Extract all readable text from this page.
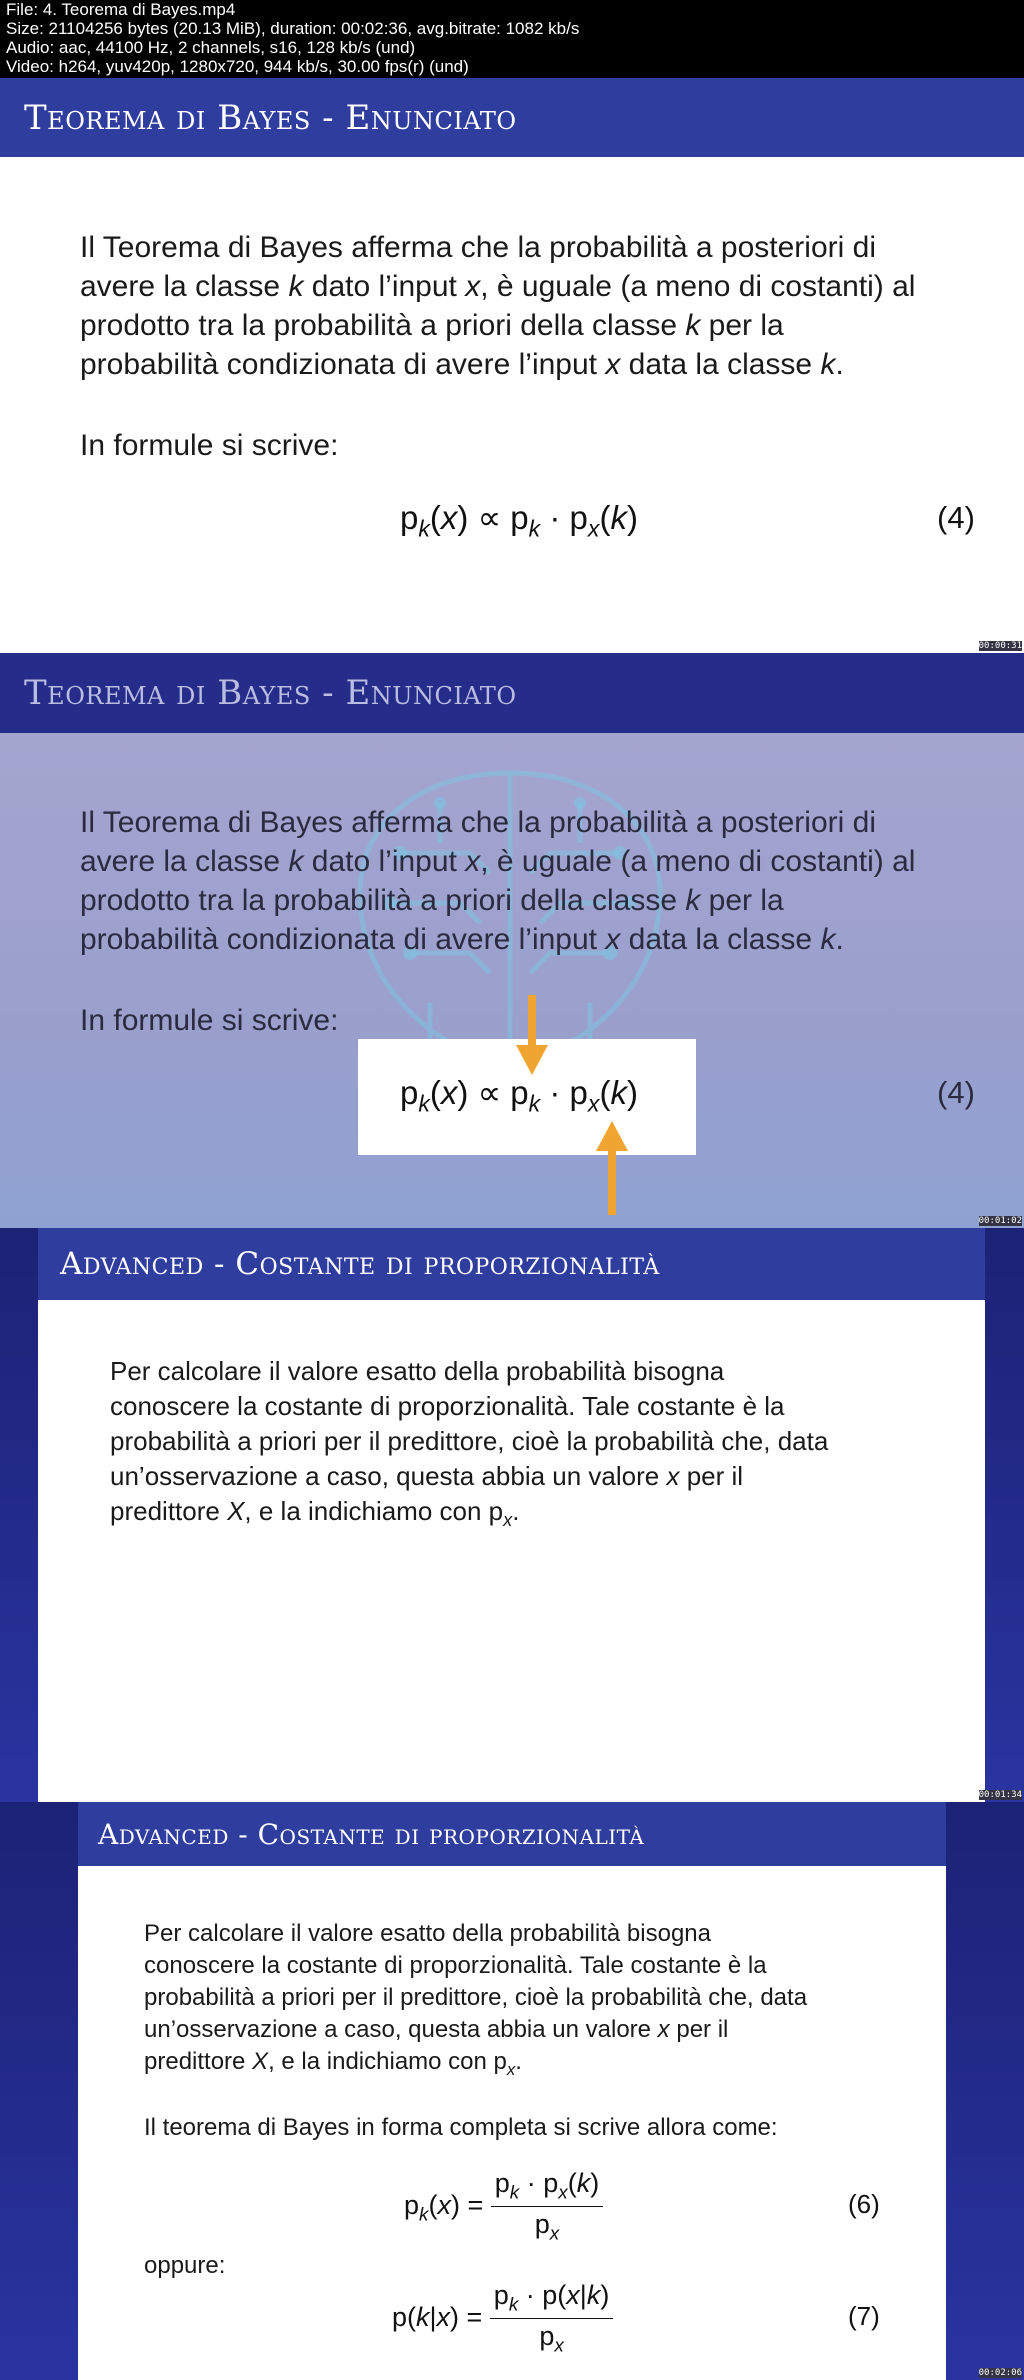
File: 4. Teorema di Bayes.mp4
Size: 21104256 bytes (20.13 MiB), duration: 00:02:36, avg.bitrate: 1082 kb/s
Audio: aac, 44100 Hz, 2 channels, s16, 128 kb/s (und)
Video: h264, yuv420p, 1280x720, 944 kb/s, 30.00 fps(r) (und)
Teorema di Bayes - Enunciato
Il Teorema di Bayes afferma che la probabilità a posteriori di
avere la classe k dato l’input x, è uguale (a meno di costanti) al
prodotto tra la probabilità a priori della classe k per la
probabilità condizionata di avere l’input x data la classe k.
In formule si scrive:
$p_k(x) \propto p_k \cdot p_x(k)$	(4)
00:00:31
Teorema di Bayes - Enunciato
Il Teorema di Bayes afferma che la probabilità a posteriori di
avere la classe k dato l’input x, è uguale (a meno di costanti) al
prodotto tra la probabilità a priori della classe k per la
probabilità condizionata di avere l’input x data la classe k.
In formule si scrive:
$p_k(x) \propto p_k \cdot p_x(k)$	(4)
00:01:02
Advanced - Costante di proporzionalità
Per calcolare il valore esatto della probabilità bisogna
conoscere la costante di proporzionalità. Tale costante è la
probabilità a priori per il predittore, cioè la probabilità che, data
un’osservazione a caso, questa abbia un valore x per il
predittore X, e la indichiamo con $p_x$.
00:01:34
Advanced - Costante di proporzionalità
Per calcolare il valore esatto della probabilità bisogna
conoscere la costante di proporzionalità. Tale costante è la
probabilità a priori per il predittore, cioè la probabilità che, data
un’osservazione a caso, questa abbia un valore x per il
predittore X, e la indichiamo con $p_x$.
Il teorema di Bayes in forma completa si scrive allora come:
$p_k(x) = \frac{p_k \cdot p_x(k)}{p_x}$	(6)
oppure:
$p(k|x) = \frac{p_k \cdot p(x|k)}{p_x}$	(7)
00:02:06
